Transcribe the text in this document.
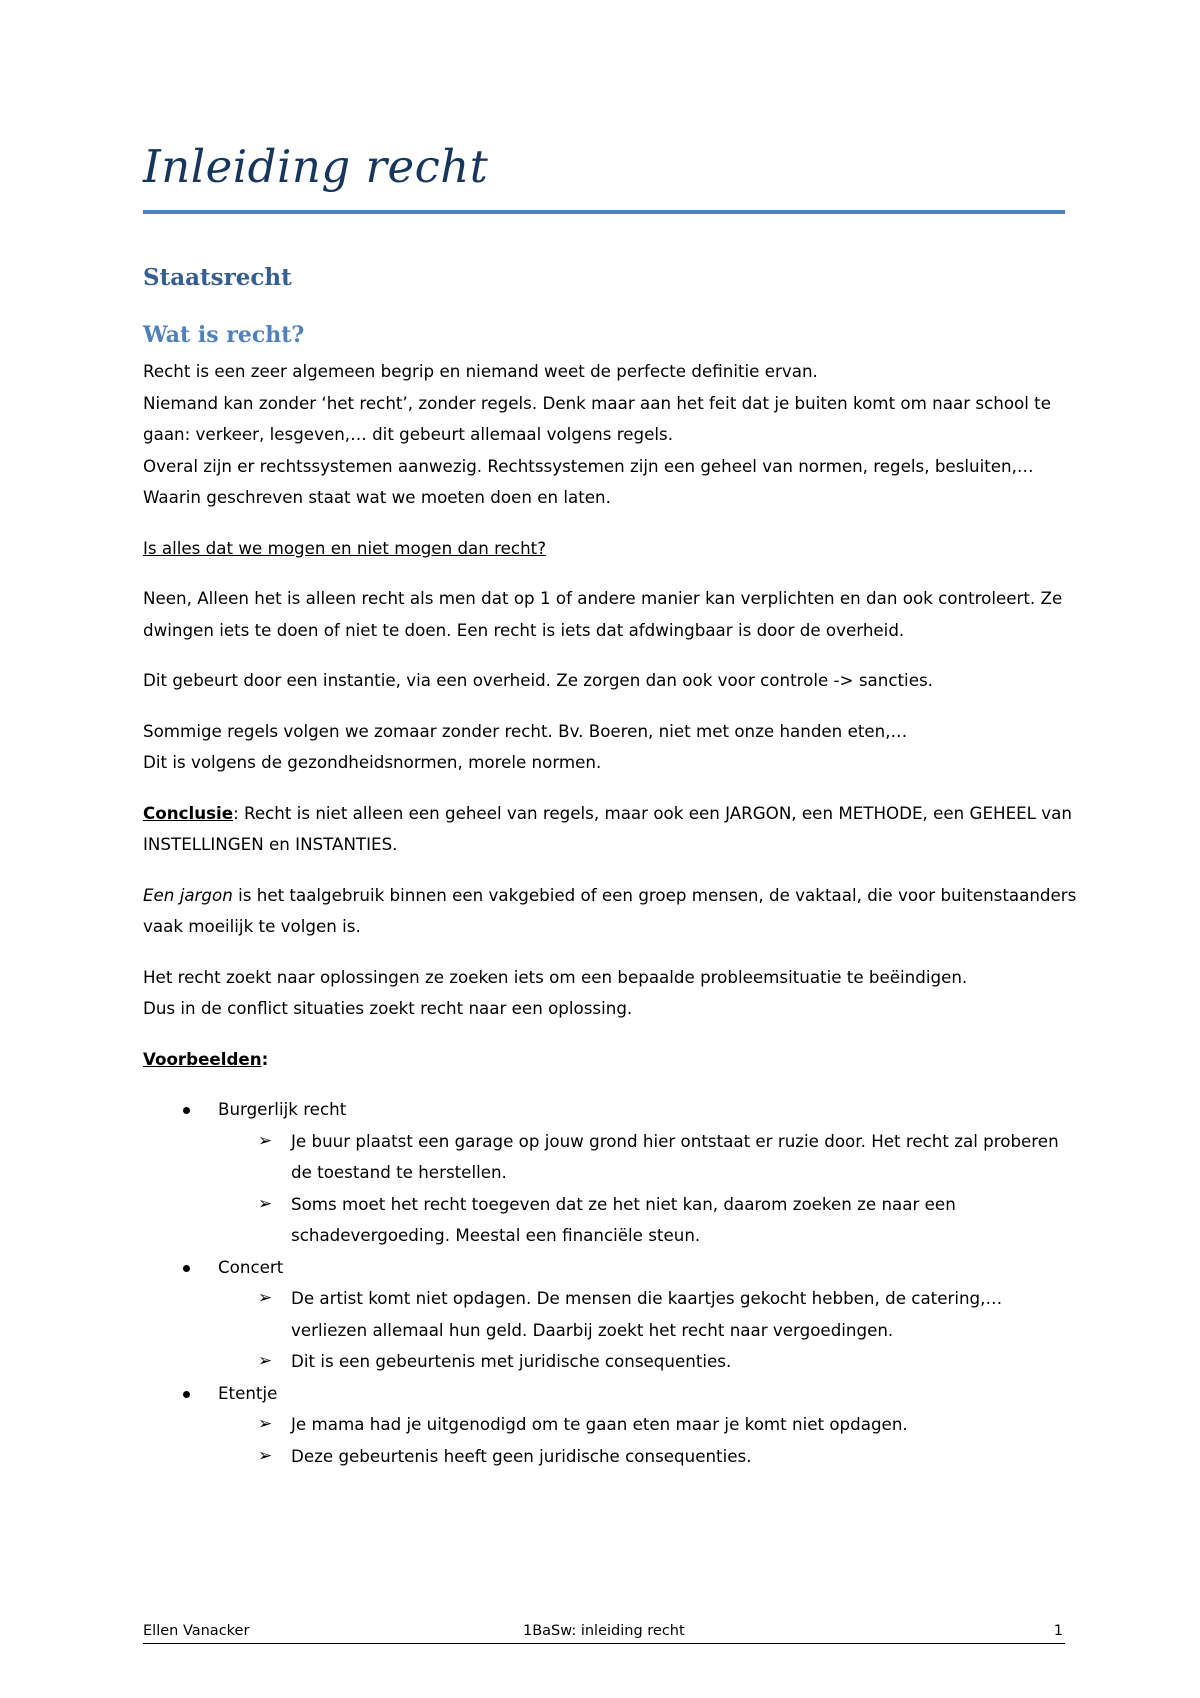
Inleiding recht
Staatsrecht
Wat is recht?

Recht is een zeer algemeen begrip en niemand weet de perfecte definitie ervan.

Niemand kan zonder ‘het recht’, zonder regels. Denk maar aan het feit dat je buiten komt om naar school te gaan: verkeer, lesgeven,… dit gebeurt allemaal volgens regels.

Overal zijn er rechtssystemen aanwezig. Rechtssystemen zijn een geheel van normen, regels, besluiten,… Waarin geschreven staat wat we moeten doen en laten.

Is alles dat we mogen en niet mogen dan recht?

Neen, Alleen het is alleen recht als men dat op 1 of andere manier kan verplichten en dan ook controleert. Ze dwingen iets te doen of niet te doen. Een recht is iets dat afdwingbaar is door de overheid.

Dit gebeurt door een instantie, via een overheid. Ze zorgen dan ook voor controle -> sancties.

Sommige regels volgen we zomaar zonder recht. Bv. Boeren, niet met onze handen eten,…

Dit is volgens de gezondheidsnormen, morele normen.

Conclusie: Recht is niet alleen een geheel van regels, maar ook een JARGON, een METHODE, een GEHEEL van INSTELLINGEN en INSTANTIES.

Een jargon is het taalgebruik binnen een vakgebied of een groep mensen, de vaktaal, die voor buitenstaanders vaak moeilijk te volgen is.

Het recht zoekt naar oplossingen ze zoeken iets om een bepaalde probleemsituatie te beëindigen.

Dus in de conflict situaties zoekt recht naar een oplossing.

Voorbeelden:

Burgerlijk recht
➢ Je buur plaatst een garage op jouw grond hier ontstaat er ruzie door. Het recht zal proberen de toestand te herstellen.
➢ Soms moet het recht toegeven dat ze het niet kan, daarom zoeken ze naar een schadevergoeding. Meestal een financiële steun.
Concert
➢ De artist komt niet opdagen. De mensen die kaartjes gekocht hebben, de catering,… verliezen allemaal hun geld. Daarbij zoekt het recht naar vergoedingen.
➢ Dit is een gebeurtenis met juridische consequenties.
Etentje
➢ Je mama had je uitgenodigd om te gaan eten maar je komt niet opdagen.
➢ Deze gebeurtenis heeft geen juridische consequenties.
Ellen Vanacker	1BaSw: inleiding recht	1
